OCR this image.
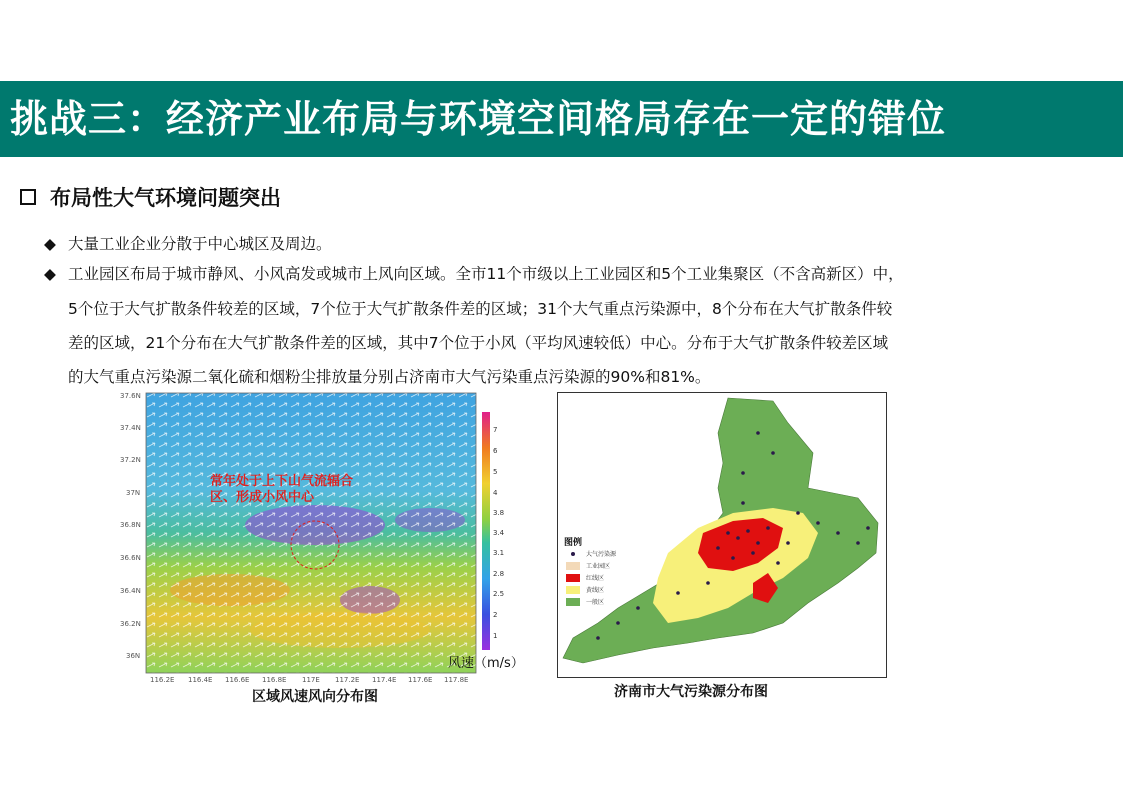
挑战三：经济产业布局与环境空间格局存在一定的错位
布局性大气环境问题突出
◆ 大量工业企业分散于中心城区及周边。
◆ 工业园区布局于城市静风、小风高发或城市上风向区域。全市11个市级以上工业园区和5个工业集聚区（不含高新区）中，
5个位于大气扩散条件较差的区域，7个位于大气扩散条件差的区域；31个大气重点污染源中，8个分布在大气扩散条件较
差的区域，21个分布在大气扩散条件差的区域，其中7个位于小风（平均风速较低）中心。分布于大气扩散条件较差区域
的大气重点污染源二氧化硫和烟粉尘排放量分别占济南市大气污染重点污染源的90%和81%。
37.6N
37.4N
37.2N
37N
36.8N
36.6N
36.4N
36.2N
36N
116.2E 116.4E 116.6E 116.8E 117E 117.2E 117.4E 117.6E 117.8E
7
6
5
4
3.8
3.4
3.1
2.8
2.5
2
1
常年处于上下山气流辐合
区、形成小风中心
风速（m/s）
区域风速风向分布图
图例
大气污染源
工业园区
红线区
黄线区
一般区
济南市大气污染源分布图
